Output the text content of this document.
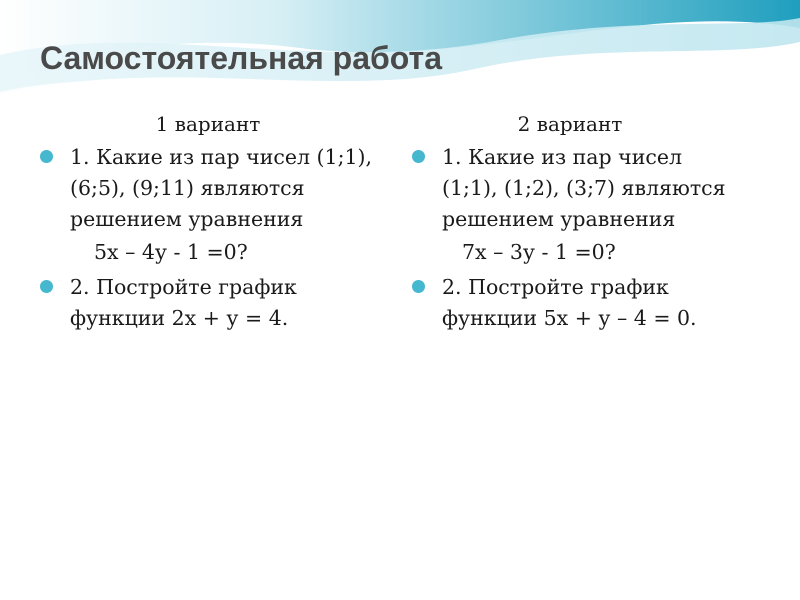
Самостоятельная работа

1 вариант

1. Какие из пар чисел (1;1),
(6;5), (9;11) являются
решением уравнения

5х – 4у - 1 =0?

2. Постройте график
функции 2х + у = 4.

2 вариант

1. Какие из пар чисел
(1;1), (1;2), (3;7) являются
решением уравнения

7х – 3у - 1 =0?

2. Постройте график
функции 5х + у – 4 = 0.
